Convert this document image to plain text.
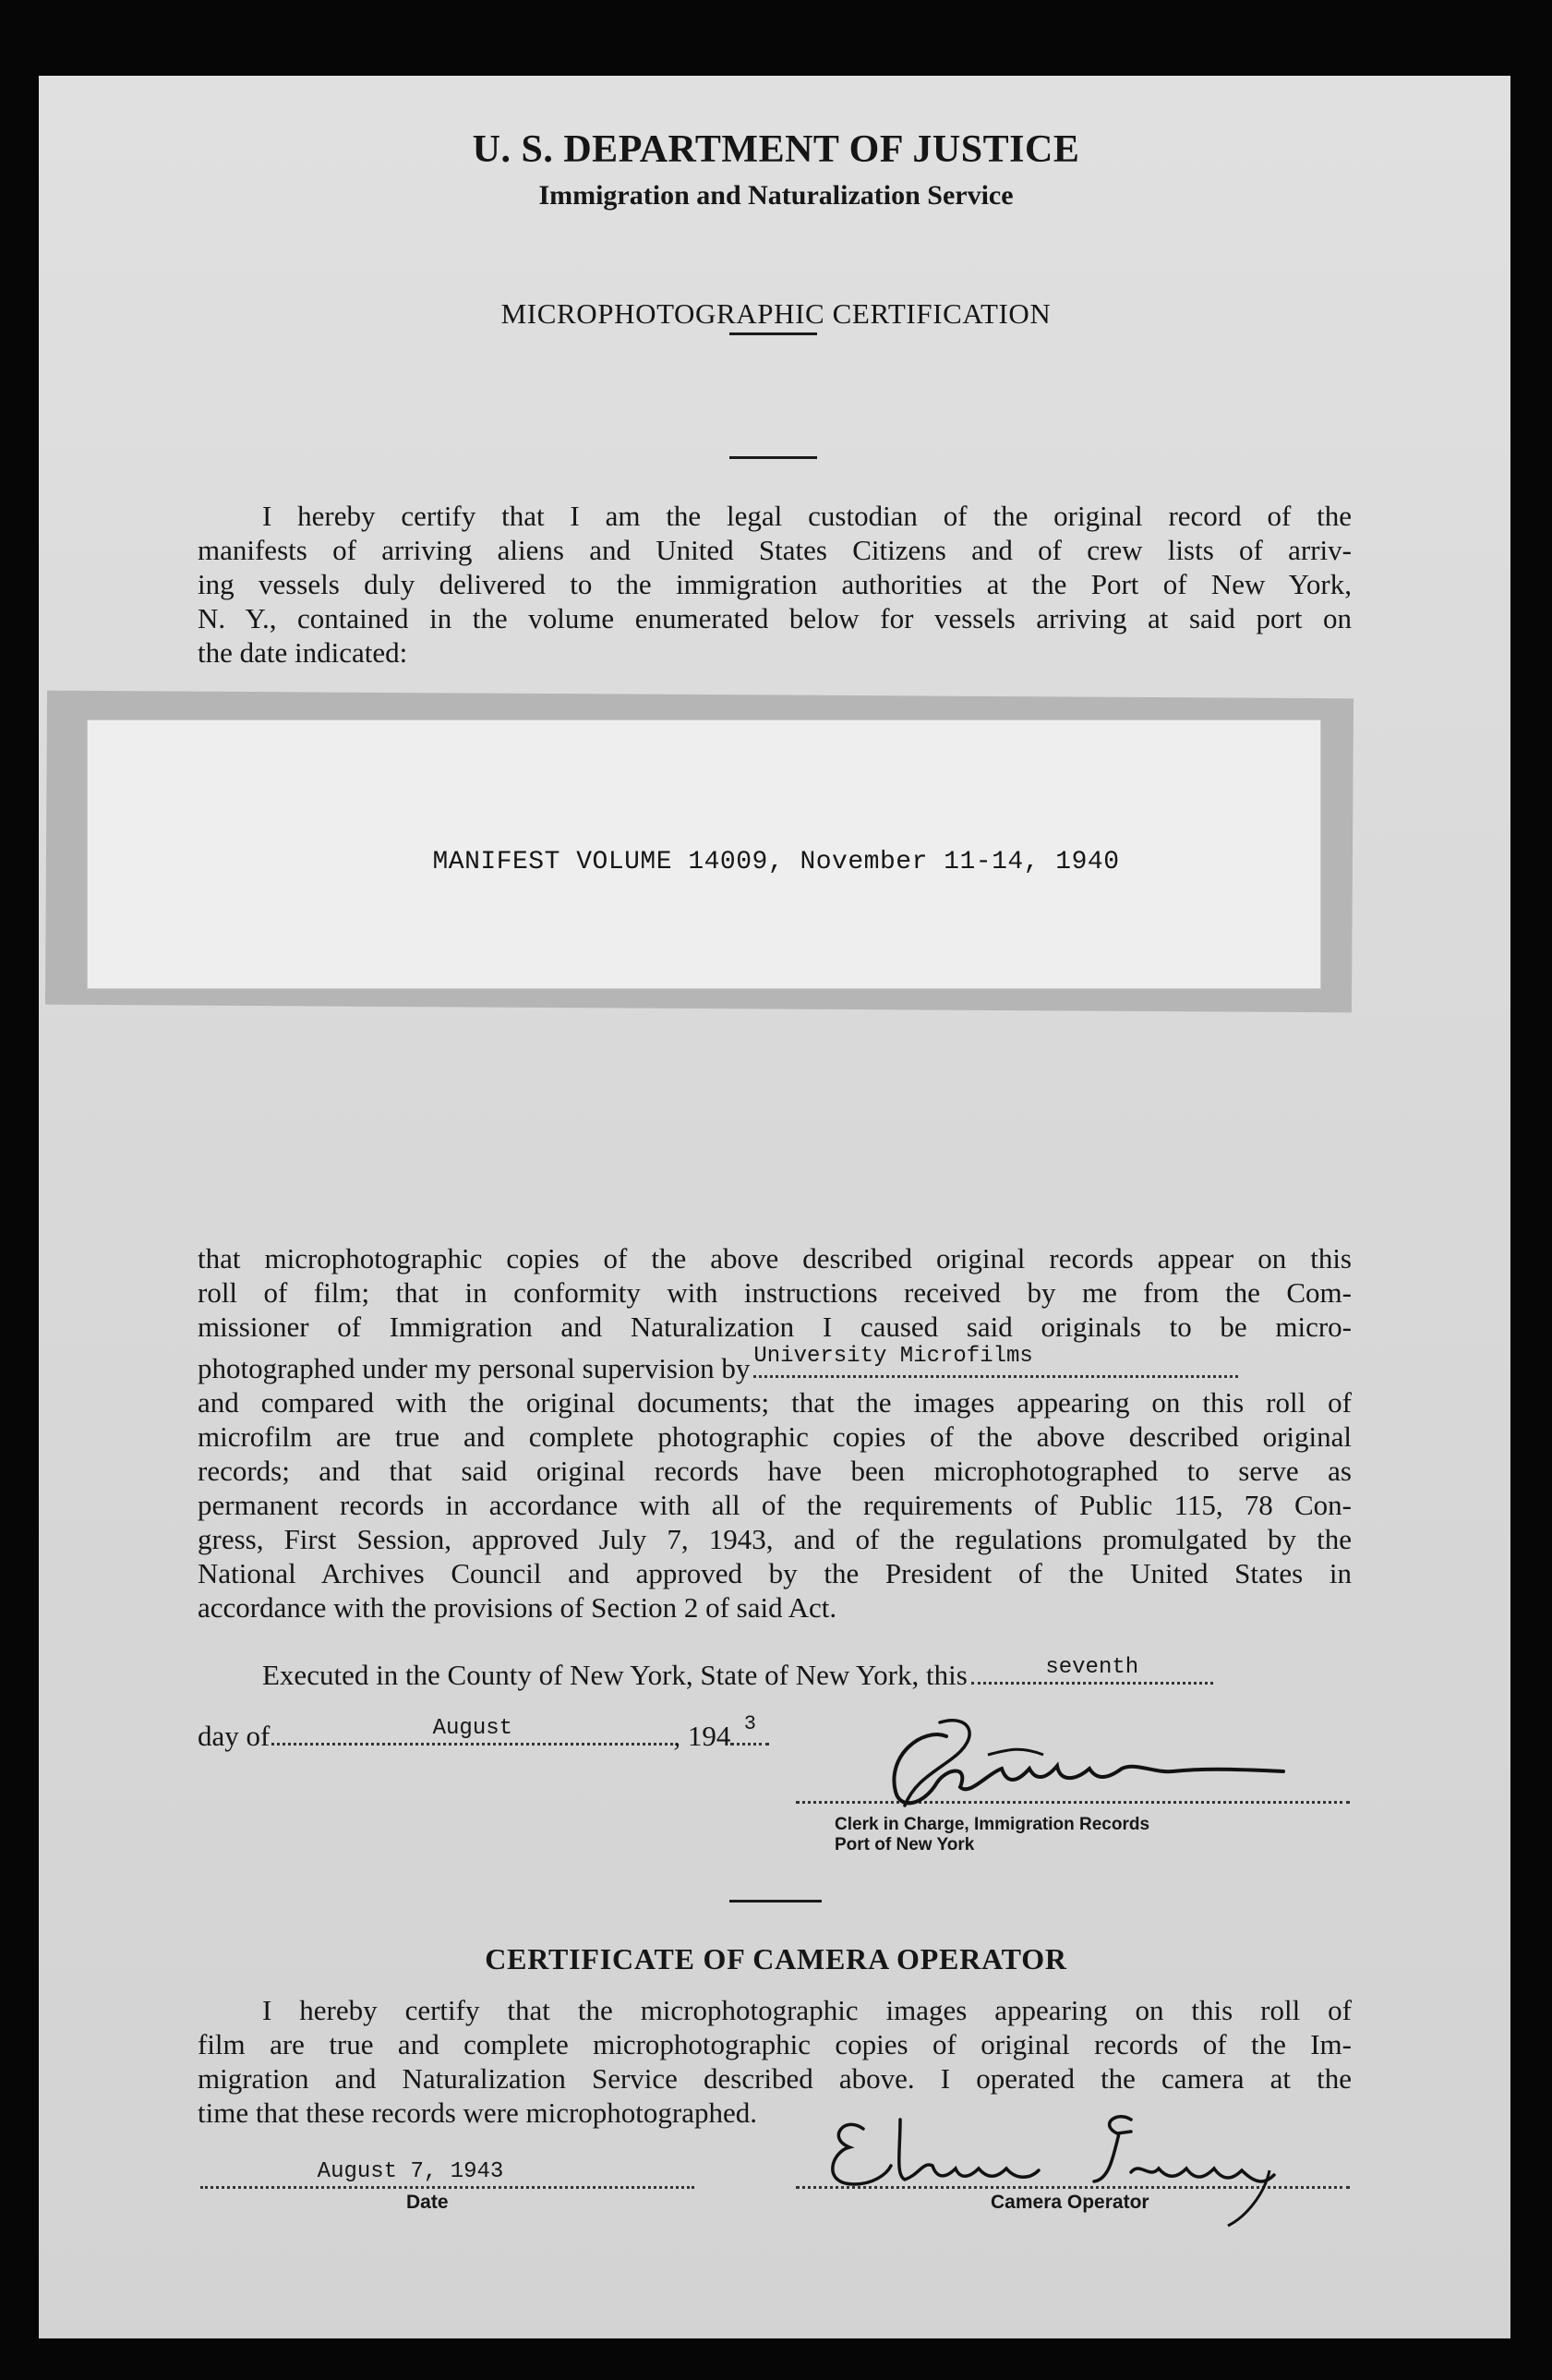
U. S. DEPARTMENT OF JUSTICE
Immigration and Naturalization Service
MICROPHOTOGRAPHIC CERTIFICATION
I hereby certify that I am the legal custodian of the original record of the
manifests of arriving aliens and United States Citizens and of crew lists of arriv-
ing vessels duly delivered to the immigration authorities at the Port of New York,
N. Y., contained in the volume enumerated below for vessels arriving at said port on
the date indicated:
MANIFEST VOLUME 14009, November 11-14, 1940
that microphotographic copies of the above described original records appear on this
roll of film; that in conformity with instructions received by me from the Com-
missioner of Immigration and Naturalization I caused said originals to be micro-
photographed under my personal supervision by University Microfilms
and compared with the original documents; that the images appearing on this roll of
microfilm are true and complete photographic copies of the above described original
records; and that said original records have been microphotographed to serve as
permanent records in accordance with all of the requirements of Public 115, 78 Con-
gress, First Session, approved July 7, 1943, and of the regulations promulgated by the
National Archives Council and approved by the President of the United States in
accordance with the provisions of Section 2 of said Act.
Executed in the County of New York, State of New York, this	seventh
day of	August	, 194 3
Clerk in Charge, Immigration Records
Port of New York
CERTIFICATE OF CAMERA OPERATOR
I hereby certify that the microphotographic images appearing on this roll of
film are true and complete microphotographic copies of original records of the Im-
migration and Naturalization Service described above. I operated the camera at the
time that these records were microphotographed.
August 7, 1943
Date	Camera Operator
